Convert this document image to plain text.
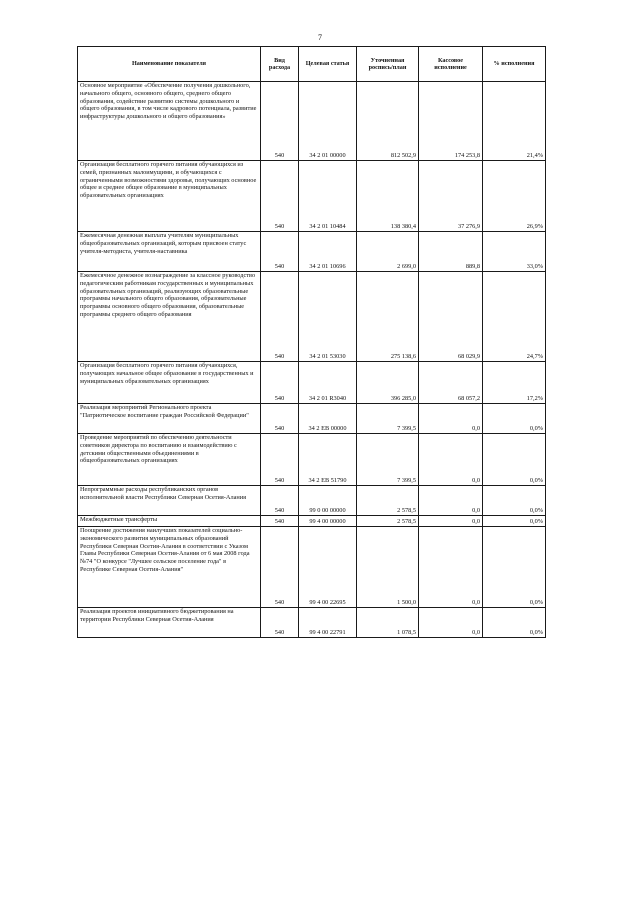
7
Наименование показателя	Вид расхода	Целевая статья	Уточненная роспись/план	Кассовое исполнение	% исполнения
Основное мероприятие «Обеспечение получения дошкольного, начального общего, основного общего, среднего общего образования, содействие развитию системы дошкольного и общего образования, в том числе кадрового потенциала, развитие инфраструктуры дошкольного и общего образования»	540	34 2 01 00000	812 502,9	174 253,8	21,4%
Организация бесплатного горячего питания обучающихся из семей, признанных малоимущими, и обучающихся с ограниченными возможностями здоровья, получающих основное общее и среднее общее образование в муниципальных образовательных организациях	540	34 2 01 10484	138 380,4	37 276,9	26,9%
Ежемесячная денежная выплата учителям муниципальных общеобразовательных организаций, которым присвоен статус учителя-методиста, учителя-наставника	540	34 2 01 10696	2 699,0	889,8	33,0%
Ежемесячное денежное вознаграждение за классное руководство педагогическим работникам государственных и муниципальных образовательных организаций, реализующих образовательные программы начального общего образования, образовательные программы основного общего образования, образовательные программы среднего общего образования	540	34 2 01 53030	275 138,6	68 029,9	24,7%
Организация бесплатного горячего питания обучающихся, получающих начальное общее образование в государственных и муниципальных образовательных организациях	540	34 2 01 R3040	396 285,0	68 057,2	17,2%
Реализация мероприятий Регионального проекта "Патриотическое воспитание граждан Российской Федерации"	540	34 2 EB 00000	7 399,5	0,0	0,0%
Проведение мероприятий по обеспечению деятельности советников директора по воспитанию и взаимодействию с детскими общественными объединениями в общеобразовательных организациях	540	34 2 EB 51790	7 399,5	0,0	0,0%
Непрограммные расходы республиканских органов исполнительной власти Республики Северная Осетия-Алания	540	99 0 00 00000	2 578,5	0,0	0,0%
Межбюджетные трансферты	540	99 4 00 00000	2 578,5	0,0	0,0%
Поощрение достижения наилучших показателей социально-экономического развития муниципальных образований Республики Северная Осетия-Алания в соответствии с Указом Главы Республики Северная Осетия-Алания от 6 мая 2008 года №74 "О конкурсе "Лучшее сельское поселение года" в Республике Северная Осетия-Алания"	540	99 4 00 22695	1 500,0	0,0	0,0%
Реализация проектов инициативного бюджетирования на территории Республики Северная Осетия-Алания	540	99 4 00 22791	1 078,5	0,0	0,0%
